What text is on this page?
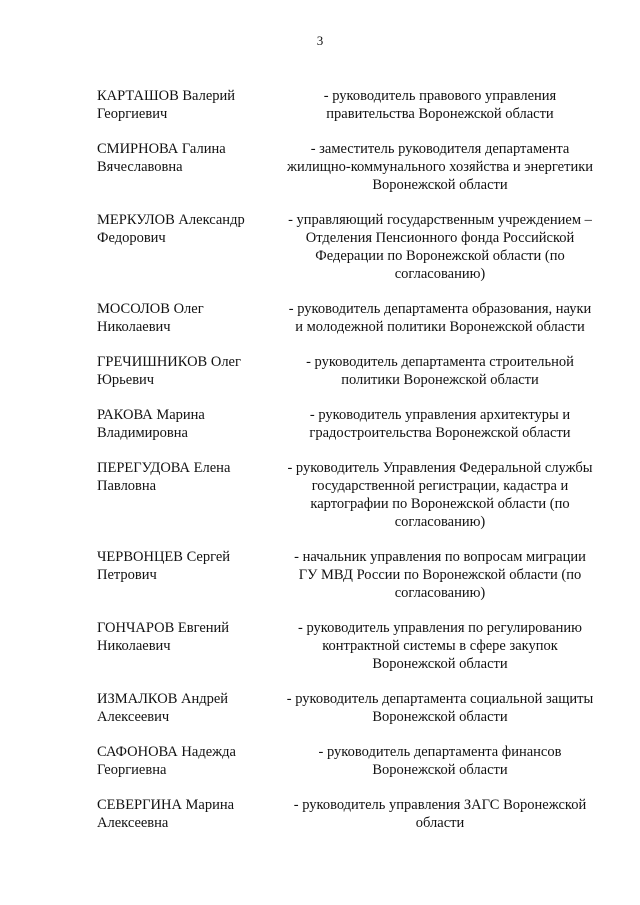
3
КАРТАШОВ Валерий
Георгиевич
- руководитель правового управления
правительства Воронежской области
СМИРНОВА Галина
Вячеславовна
- заместитель руководителя департамента
жилищно-коммунального хозяйства и энергетики
Воронежской области
МЕРКУЛОВ Александр
Федорович
- управляющий государственным учреждением –
Отделения Пенсионного фонда Российской
Федерации по Воронежской области (по
согласованию)
МОСОЛОВ Олег
Николаевич
- руководитель департамента образования, науки
и молодежной политики Воронежской области
ГРЕЧИШНИКОВ Олег
Юрьевич
- руководитель департамента строительной
политики Воронежской области
РАКОВА Марина
Владимировна
- руководитель управления архитектуры и
градостроительства Воронежской области
ПЕРЕГУДОВА Елена
Павловна
- руководитель Управления Федеральной службы
государственной регистрации, кадастра и
картографии по Воронежской области (по
согласованию)
ЧЕРВОНЦЕВ Сергей
Петрович
- начальник управления по вопросам миграции
ГУ МВД России по Воронежской области (по
согласованию)
ГОНЧАРОВ Евгений
Николаевич
- руководитель управления по регулированию
контрактной системы в сфере закупок
Воронежской области
ИЗМАЛКОВ Андрей
Алексеевич
- руководитель департамента социальной защиты
Воронежской области
САФОНОВА Надежда
Георгиевна
- руководитель департамента финансов
Воронежской области
СЕВЕРГИНА Марина
Алексеевна
- руководитель управления ЗАГС Воронежской
области
